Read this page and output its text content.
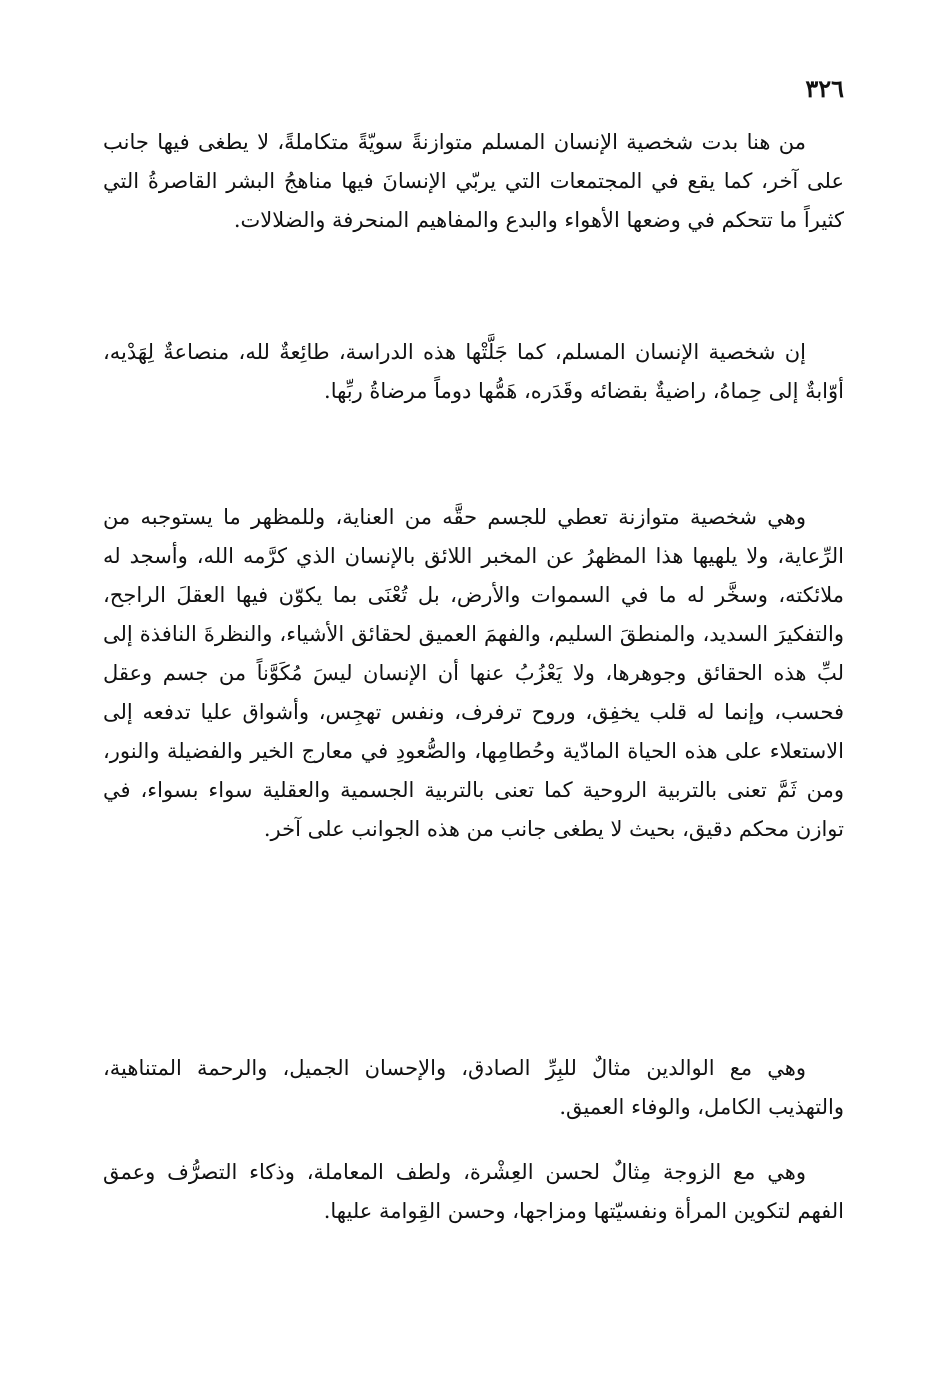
٣٢٦

من هنا بدت شخصية الإنسان المسلم متوازنةً سويّةً متكاملةً، لا يطغى فيها جانب على آخر، كما يقع في المجتمعات التي يربّي الإنسانَ فيها مناهجُ البشر القاصرةُ التي كثيراً ما تتحكم في وضعها الأهواء والبدع والمفاهيم المنحرفة والضلالات.

إن شخصية الإنسان المسلم، كما جَلَّتْها هذه الدراسة، طائِعةٌ لله، منصاعةٌ لِهَدْيه، أوّابةٌ إلى حِماهُ، راضيةٌ بقضائه وقَدَره، هَمُّها دوماً مرضاةُ ربِّها.

وهي شخصية متوازنة تعطي للجسم حقَّه من العناية، وللمظهر ما يستوجبه من الرِّعاية، ولا يلهيها هذا المظهرُ عن المخبر اللائق بالإنسان الذي كرَّمه الله، وأسجد له ملائكته، وسخَّر له ما في السموات والأرض، بل تُعْنَى بما يكوّن فيها العقلَ الراجح، والتفكيرَ السديد، والمنطقَ السليم، والفهمَ العميق لحقائق الأشياء، والنظرةَ النافذة إلى لبِّ هذه الحقائق وجوهرها، ولا يَعْزُبُ عنها أن الإنسان ليسَ مُكَوَّناً من جسم وعقل فحسب، وإنما له قلب يخفِق، وروح ترفرف، ونفس تهجِس، وأشواق عليا تدفعه إلى الاستعلاء على هذه الحياة المادّية وحُطامِها، والصُّعودِ في معارج الخير والفضيلة والنور، ومن ثَمَّ تعنى بالتربية الروحية كما تعنى بالتربية الجسمية والعقلية سواء بسواء، في توازن محكم دقيق، بحيث لا يطغى جانب من هذه الجوانب على آخر.

وهي مع الوالدين مثالٌ للبِرِّ الصادق، والإحسان الجميل، والرحمة المتناهية، والتهذيب الكامل، والوفاء العميق.

وهي مع الزوجة مِثالٌ لحسن العِشْرة، ولطف المعاملة، وذكاء التصرُّف وعمق الفهم لتكوين المرأة ونفسيّتها ومزاجها، وحسن القِوامة عليها.
